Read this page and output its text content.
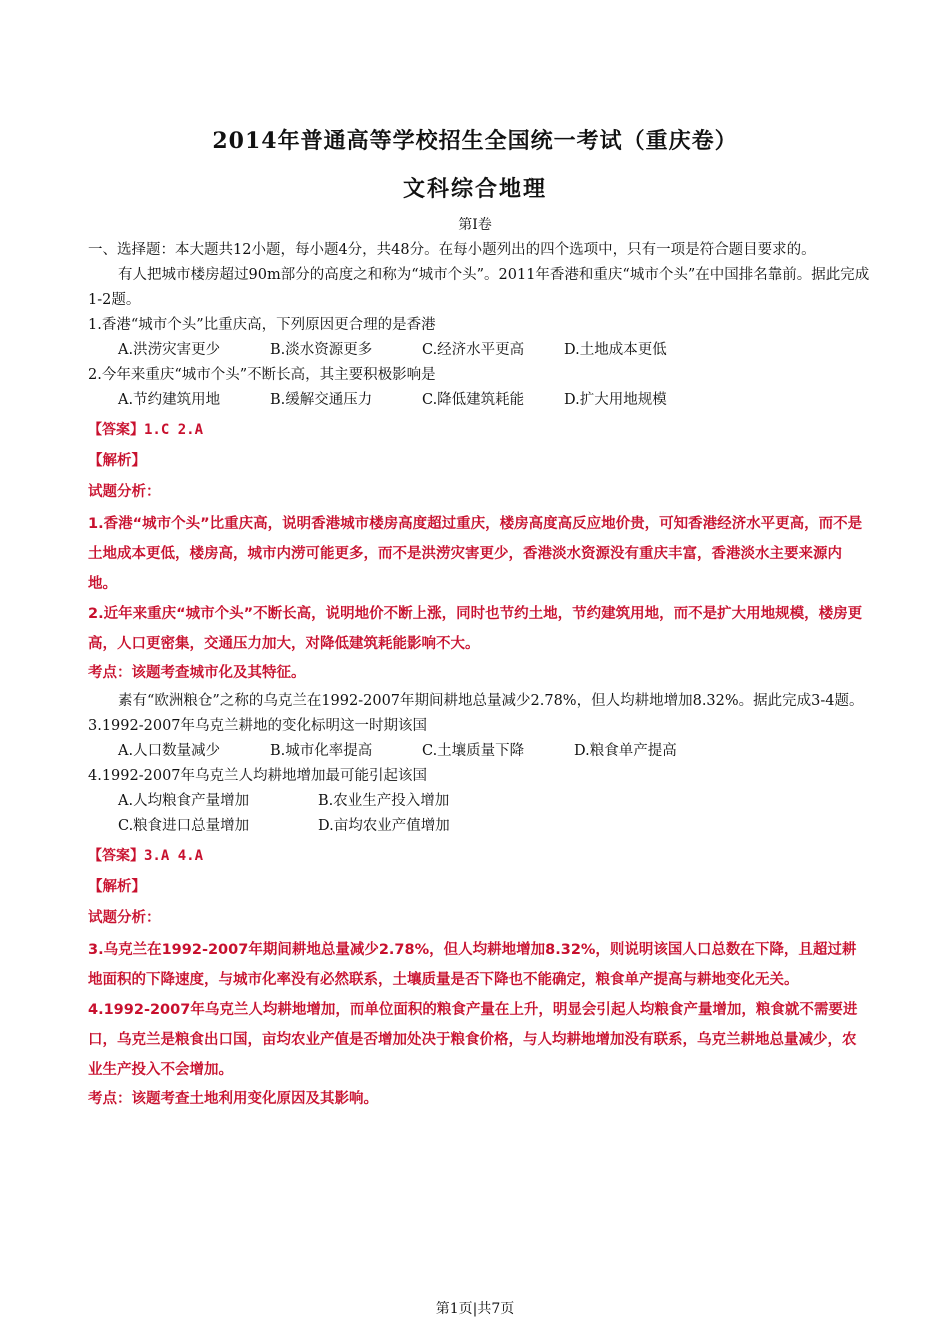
2014年普通高等学校招生全国统一考试（重庆卷）
文科综合地理
第Ⅰ卷

一、选择题：本大题共12小题，每小题4分，共48分。在每小题列出的四个选项中，只有一项是符合题目要求的。

有人把城市楼房超过90m部分的高度之和称为“城市个头”。2011年香港和重庆“城市个头”在中国排名靠前。据此完成1-2题。

1.香港“城市个头”比重庆高，下列原因更合理的是香港

A.洪涝灾害更少	B.淡水资源更多	C.经济水平更高	D.土地成本更低

2.今年来重庆“城市个头”不断长高，其主要积极影响是

A.节约建筑用地	B.缓解交通压力	C.降低建筑耗能	D.扩大用地规模

【答案】1.C 2.A

【解析】

试题分析：

1.香港“城市个头”比重庆高，说明香港城市楼房高度超过重庆，楼房高度高反应地价贵，可知香港经济水平更高，而不是土地成本更低，楼房高，城市内涝可能更多，而不是洪涝灾害更少，香港淡水资源没有重庆丰富，香港淡水主要来源内地。

2.近年来重庆“城市个头”不断长高，说明地价不断上涨，同时也节约土地，节约建筑用地，而不是扩大用地规模，楼房更高，人口更密集，交通压力加大，对降低建筑耗能影响不大。

考点：该题考查城市化及其特征。

素有“欧洲粮仓”之称的乌克兰在1992-2007年期间耕地总量减少2.78%，但人均耕地增加8.32%。据此完成3-4题。

3.1992-2007年乌克兰耕地的变化标明这一时期该国

A.人口数量减少	B.城市化率提高	C.土壤质量下降	D.粮食单产提高

4.1992-2007年乌克兰人均耕地增加最可能引起该国

A.人均粮食产量增加	B.农业生产投入增加
C.粮食进口总量增加	D.亩均农业产值增加

【答案】3.A 4.A

【解析】

试题分析：

3.乌克兰在1992-2007年期间耕地总量减少2.78%，但人均耕地增加8.32%，则说明该国人口总数在下降，且超过耕地面积的下降速度，与城市化率没有必然联系，土壤质量是否下降也不能确定，粮食单产提高与耕地变化无关。

4.1992-2007年乌克兰人均耕地增加，而单位面积的粮食产量在上升，明显会引起人均粮食产量增加，粮食就不需要进口，乌克兰是粮食出口国，亩均农业产值是否增加处决于粮食价格，与人均耕地增加没有联系，乌克兰耕地总量减少，农业生产投入不会增加。

考点：该题考查土地利用变化原因及其影响。

第1页|共7页
